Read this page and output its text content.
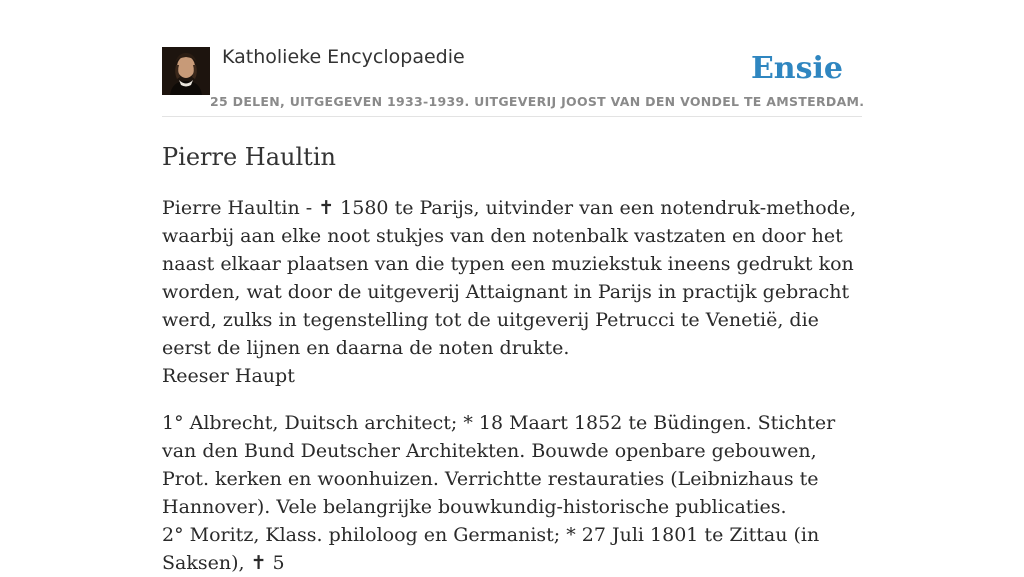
Katholieke Encyclopaedie	Ensie
25 DELEN, UITGEGEVEN 1933-1939. UITGEVERIJ JOOST VAN DEN VONDEL TE AMSTERDAM.
Pierre Haultin

Pierre Haultin - ✝ 1580 te Parijs, uitvinder van een notendruk-methode, waarbij aan elke noot stukjes van den notenbalk vastzaten en door het naast elkaar plaatsen van die typen een muziekstuk ineens gedrukt kon worden, wat door de uitgeverij Attaignant in Parijs in practijk gebracht werd, zulks in tegenstelling tot de uitgeverij Petrucci te Venetië, die eerst de lijnen en daarna de noten drukte.

Reeser Haupt

1° Albrecht, Duitsch architect; * 18 Maart 1852 te Büdingen. Stichter van den Bund Deutscher Architekten. Bouwde openbare gebouwen, Prot. kerken en woonhuizen. Verrichtte restauraties (Leibnizhaus te Hannover). Vele belangrijke bouwkundig-historische publicaties.

2° Moritz, Klass. philoloog en Germanist; * 27 Juli 1801 te Zittau (in Saksen), ✝ 5
